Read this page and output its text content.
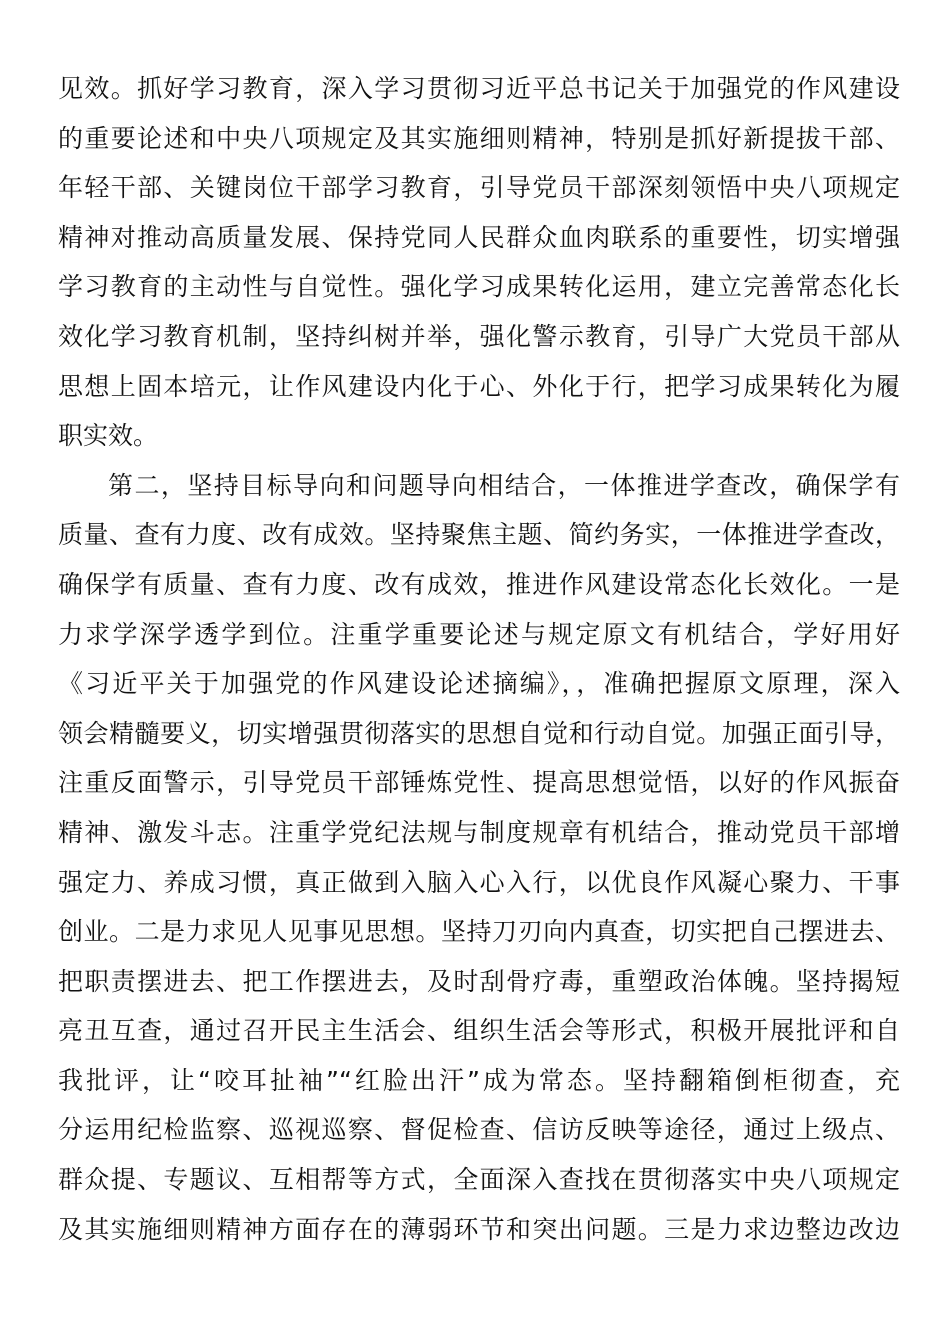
见效。抓好学习教育，深入学习贯彻习近平总书记关于加强党的作风建设
的重要论述和中央八项规定及其实施细则精神，特别是抓好新提拔干部、
年轻干部、关键岗位干部学习教育，引导党员干部深刻领悟中央八项规定
精神对推动高质量发展、保持党同人民群众血肉联系的重要性，切实增强
学习教育的主动性与自觉性。强化学习成果转化运用，建立完善常态化长
效化学习教育机制，坚持纠树并举，强化警示教育，引导广大党员干部从
思想上固本培元，让作风建设内化于心、外化于行，把学习成果转化为履
职实效。
第二，坚持目标导向和问题导向相结合，一体推进学查改，确保学有
质量、查有力度、改有成效。坚持聚焦主题、简约务实，一体推进学查改，
确保学有质量、查有力度、改有成效，推进作风建设常态化长效化。一是
力求学深学透学到位。注重学重要论述与规定原文有机结合，学好用好
《习近平关于加强党的作风建设论述摘编》，，准确把握原文原理，深入
领会精髓要义，切实增强贯彻落实的思想自觉和行动自觉。加强正面引导，
注重反面警示，引导党员干部锤炼党性、提高思想觉悟，以好的作风振奋
精神、激发斗志。注重学党纪法规与制度规章有机结合，推动党员干部增
强定力、养成习惯，真正做到入脑入心入行，以优良作风凝心聚力、干事
创业。二是力求见人见事见思想。坚持刀刃向内真查，切实把自己摆进去、
把职责摆进去、把工作摆进去，及时刮骨疗毒，重塑政治体魄。坚持揭短
亮丑互查，通过召开民主生活会、组织生活会等形式，积极开展批评和自
我批评，让“咬耳扯袖”“红脸出汗”成为常态。坚持翻箱倒柜彻查，充
分运用纪检监察、巡视巡察、督促检查、信访反映等途径，通过上级点、
群众提、专题议、互相帮等方式，全面深入查找在贯彻落实中央八项规定
及其实施细则精神方面存在的薄弱环节和突出问题。三是力求边整边改边
